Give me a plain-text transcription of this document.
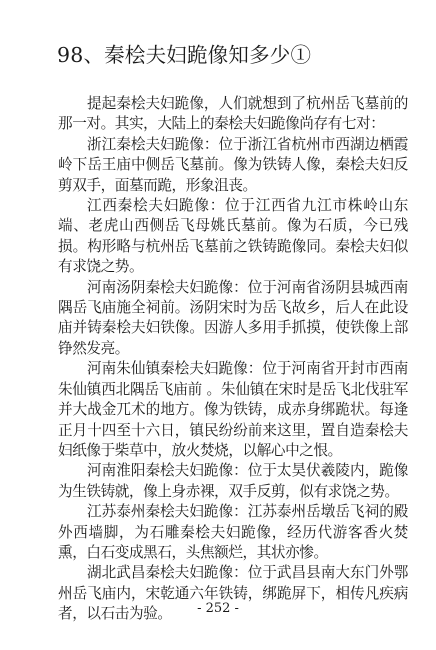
98、秦桧夫妇跪像知多少①

提起秦桧夫妇跪像，人们就想到了杭州岳飞墓前的那一对。其实，大陆上的秦桧夫妇跪像尚存有七对：

浙江秦桧夫妇跪像：位于浙江省杭州市西湖边栖霞岭下岳王庙中侧岳飞墓前。像为铁铸人像，秦桧夫妇反剪双手，面墓而跪，形象沮丧。

江西秦桧夫妇跪像：位于江西省九江市株岭山东端、老虎山西侧岳飞母姚氏墓前。像为石质，今已残损。构形略与杭州岳飞墓前之铁铸跪像同。秦桧夫妇似有求饶之势。

河南汤阴秦桧夫妇跪像：位于河南省汤阴县城西南隅岳飞庙施全祠前。汤阴宋时为岳飞故乡，后人在此设庙并铸秦桧夫妇铁像。因游人多用手抓摸，使铁像上部铮然发亮。

河南朱仙镇秦桧夫妇跪像：位于河南省开封市西南朱仙镇西北隅岳飞庙前 。朱仙镇在宋时是岳飞北伐驻军并大战金兀术的地方。像为铁铸，成赤身绑跪状。每逢正月十四至十六日，镇民纷纷前来这里，置自造秦桧夫妇纸像于柴草中，放火焚烧，以解心中之恨。

河南淮阳秦桧夫妇跪像：位于太昊伏羲陵内，跪像为生铁铸就，像上身赤裸，双手反剪，似有求饶之势。

江苏泰州秦桧夫妇跪像：江苏泰州岳墩岳飞祠的殿外西墙脚，为石雕秦桧夫妇跪像，经历代游客香火焚熏，白石变成黑石，头焦额烂，其状亦惨。

湖北武昌秦桧夫妇跪像：位于武昌县南大东门外鄂州岳飞庙内，宋乾通六年铁铸，绑跪屏下，相传凡疾病者，以石击为验。	- 252 -
